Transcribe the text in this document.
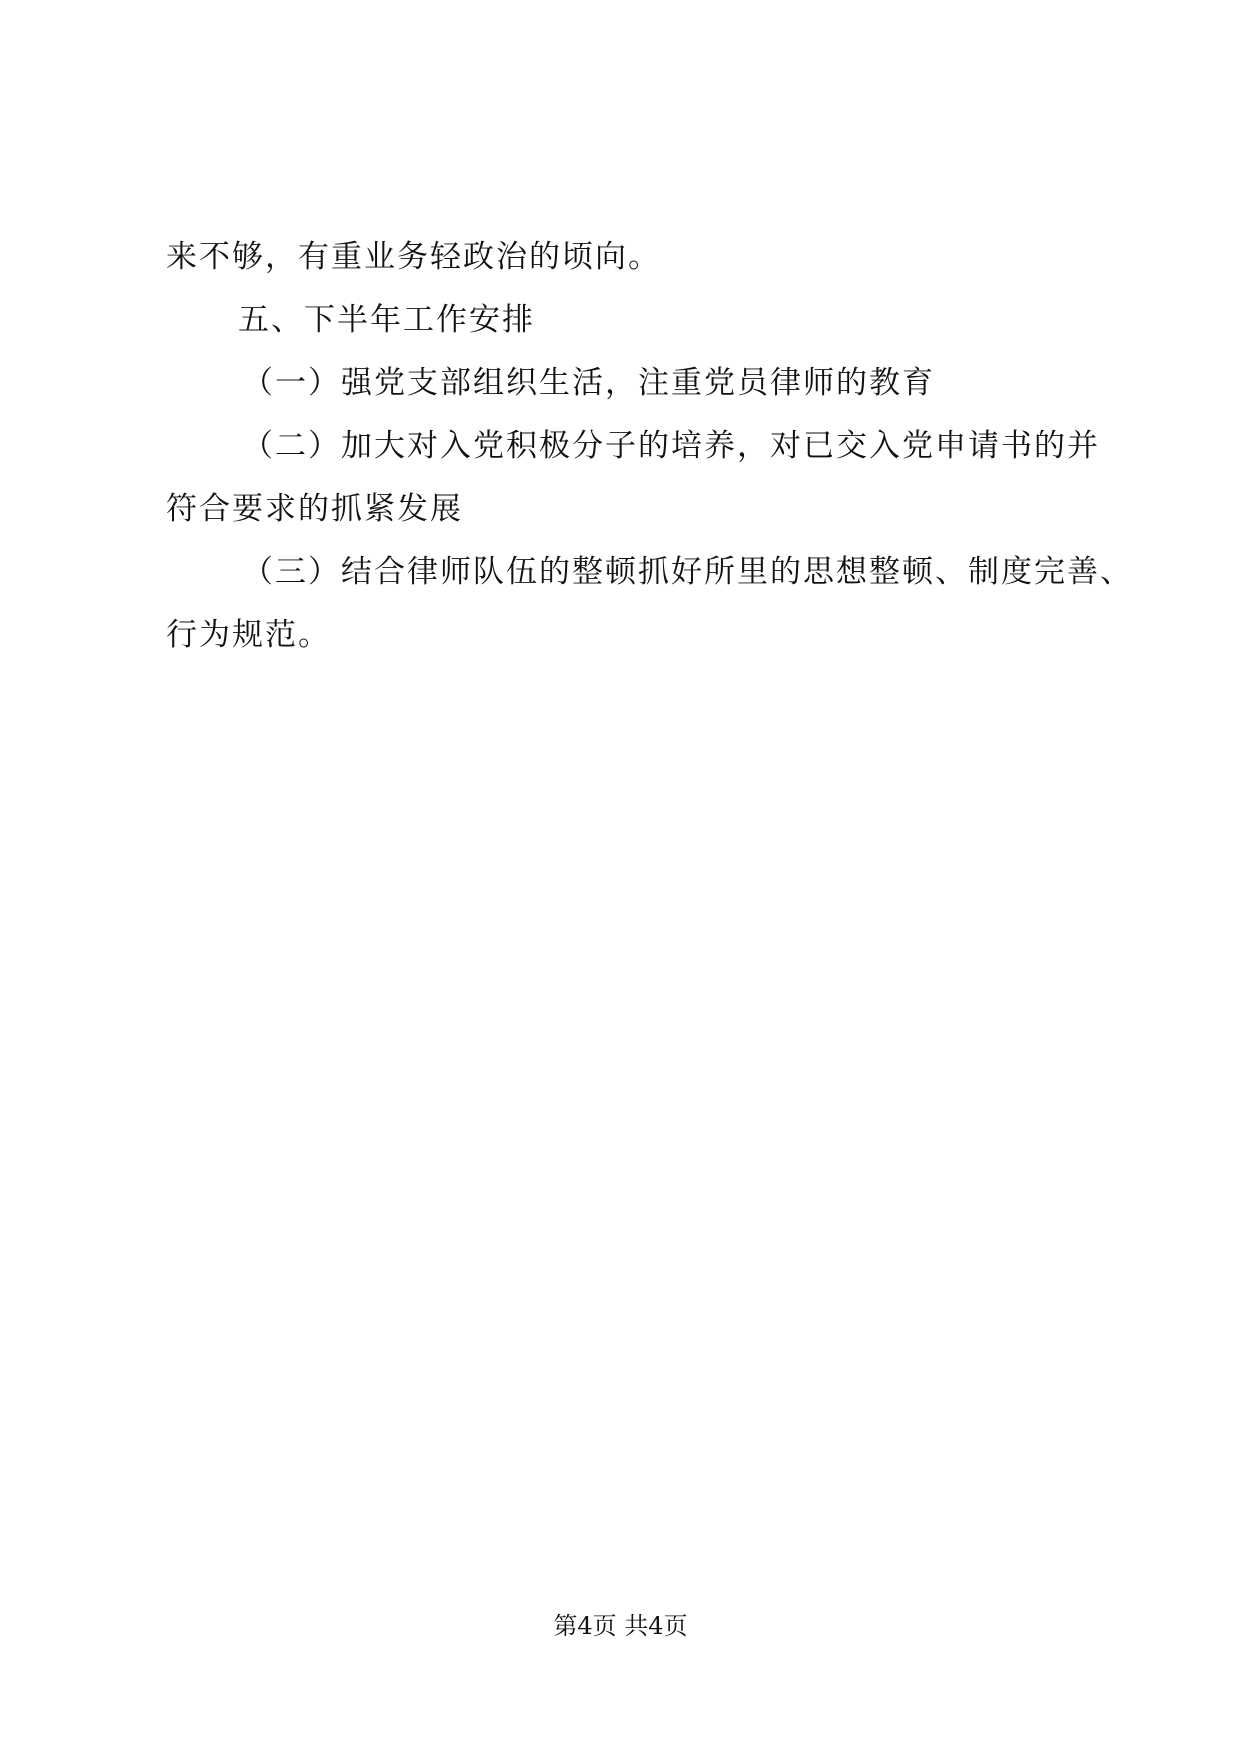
来不够，有重业务轻政治的顷向。
五、下半年工作安排
（一）强党支部组织生活，注重党员律师的教育
（二）加大对入党积极分子的培养，对已交入党申请书的并
符合要求的抓紧发展
（三）结合律师队伍的整顿抓好所里的思想整顿、制度完善、
行为规范。
第4页 共4页
